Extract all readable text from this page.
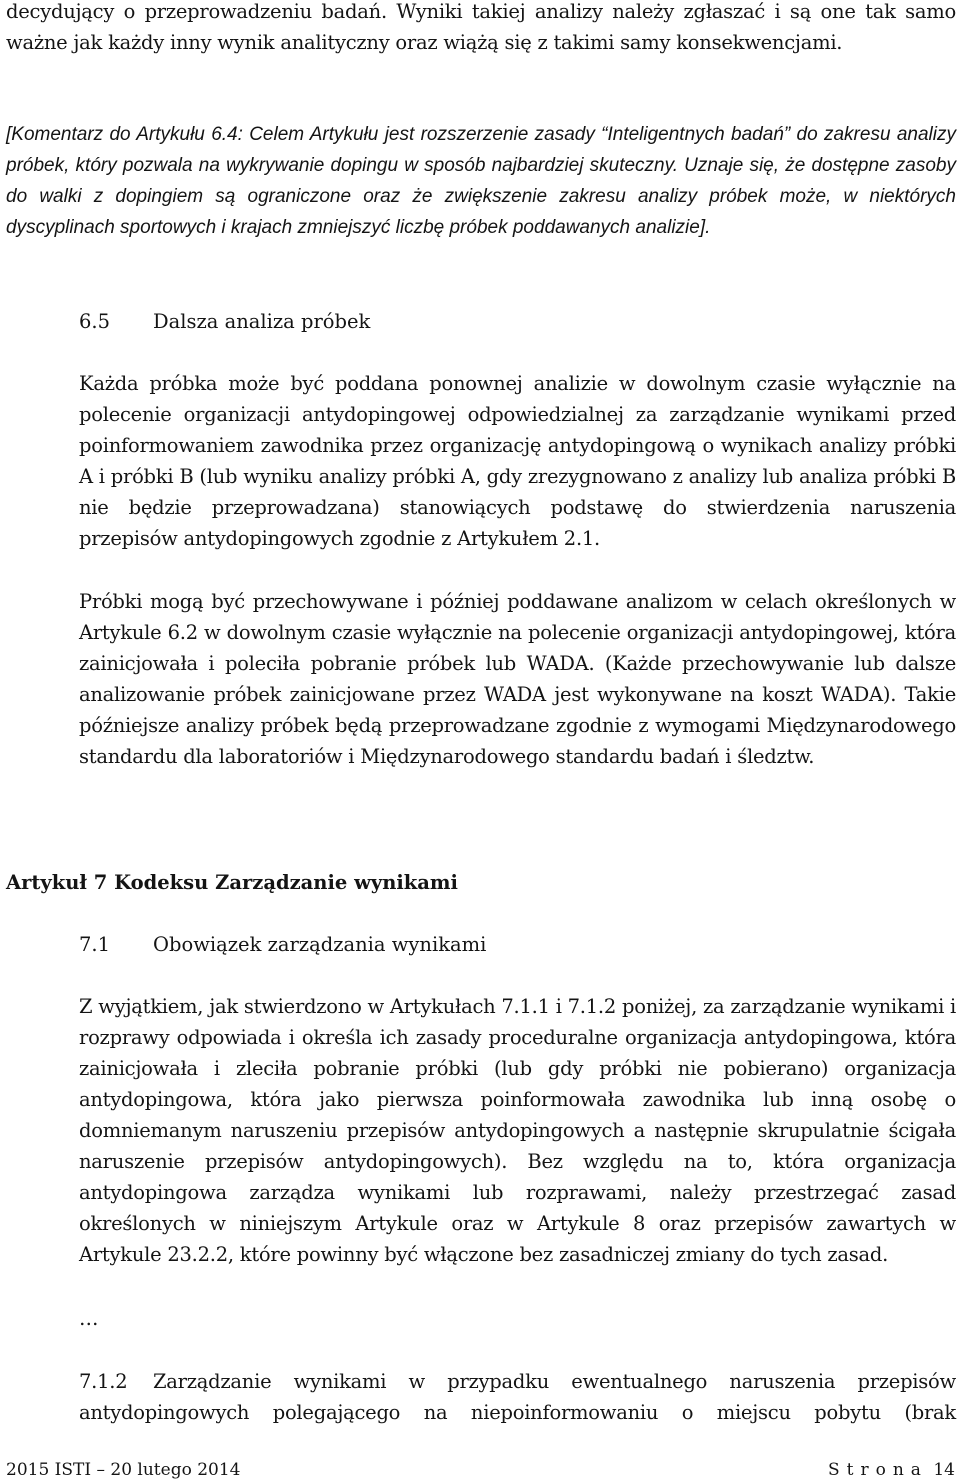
decydujący o przeprowadzeniu badań. Wyniki takiej analizy należy zgłaszać i są one tak samo ważne jak każdy inny wynik analityczny oraz wiążą się z takimi samy konsekwencjami.

[Komentarz do Artykułu 6.4: Celem Artykułu jest rozszerzenie zasady “Inteligentnych badań” do zakresu analizy próbek, który pozwala na wykrywanie dopingu w sposób najbardziej skuteczny. Uznaje się, że dostępne zasoby do walki z dopingiem są ograniczone oraz że zwiększenie zakresu analizy próbek może, w niektórych dyscyplinach sportowych i krajach zmniejszyć liczbę próbek poddawanych analizie].

6.5 Dalsza analiza próbek

Każda próbka może być poddana ponownej analizie w dowolnym czasie wyłącznie na polecenie organizacji antydopingowej odpowiedzialnej za zarządzanie wynikami przed poinformowaniem zawodnika przez organizację antydopingową o wynikach analizy próbki A i próbki B (lub wyniku analizy próbki A, gdy zrezygnowano z analizy lub analiza próbki B nie będzie przeprowadzana) stanowiących podstawę do stwierdzenia naruszenia przepisów antydopingowych zgodnie z Artykułem 2.1.

Próbki mogą być przechowywane i później poddawane analizom w celach określonych w Artykule 6.2 w dowolnym czasie wyłącznie na polecenie organizacji antydopingowej, która zainicjowała i poleciła pobranie próbek lub WADA. (Każde przechowywanie lub dalsze analizowanie próbek zainicjowane przez WADA jest wykonywane na koszt WADA). Takie późniejsze analizy próbek będą przeprowadzane zgodnie z wymogami Międzynarodowego standardu dla laboratoriów i Międzynarodowego standardu badań i śledztw.

Artykuł 7 Kodeksu Zarządzanie wynikami
7.1 Obowiązek zarządzania wynikami

Z wyjątkiem, jak stwierdzono w Artykułach 7.1.1 i 7.1.2 poniżej, za zarządzanie wynikami i rozprawy odpowiada i określa ich zasady proceduralne organizacja antydopingowa, która zainicjowała i zleciła pobranie próbki (lub gdy próbki nie pobierano) organizacja antydopingowa, która jako pierwsza poinformowała zawodnika lub inną osobę o domniemanym naruszeniu przepisów antydopingowych a następnie skrupulatnie ścigała naruszenie przepisów antydopingowych). Bez względu na to, która organizacja antydopingowa zarządza wynikami lub rozprawami, należy przestrzegać zasad określonych w niniejszym Artykule oraz w Artykule 8 oraz przepisów zawartych w Artykule 23.2.2, które powinny być włączone bez zasadniczej zmiany do tych zasad.

…
7.1.2 Zarządzanie wynikami w przypadku ewentualnego naruszenia przepisów
antydopingowych polegającego na niepoinformowaniu o miejscu pobytu (brak
2015 ISTI – 20 lutego 2014	Strona 14
